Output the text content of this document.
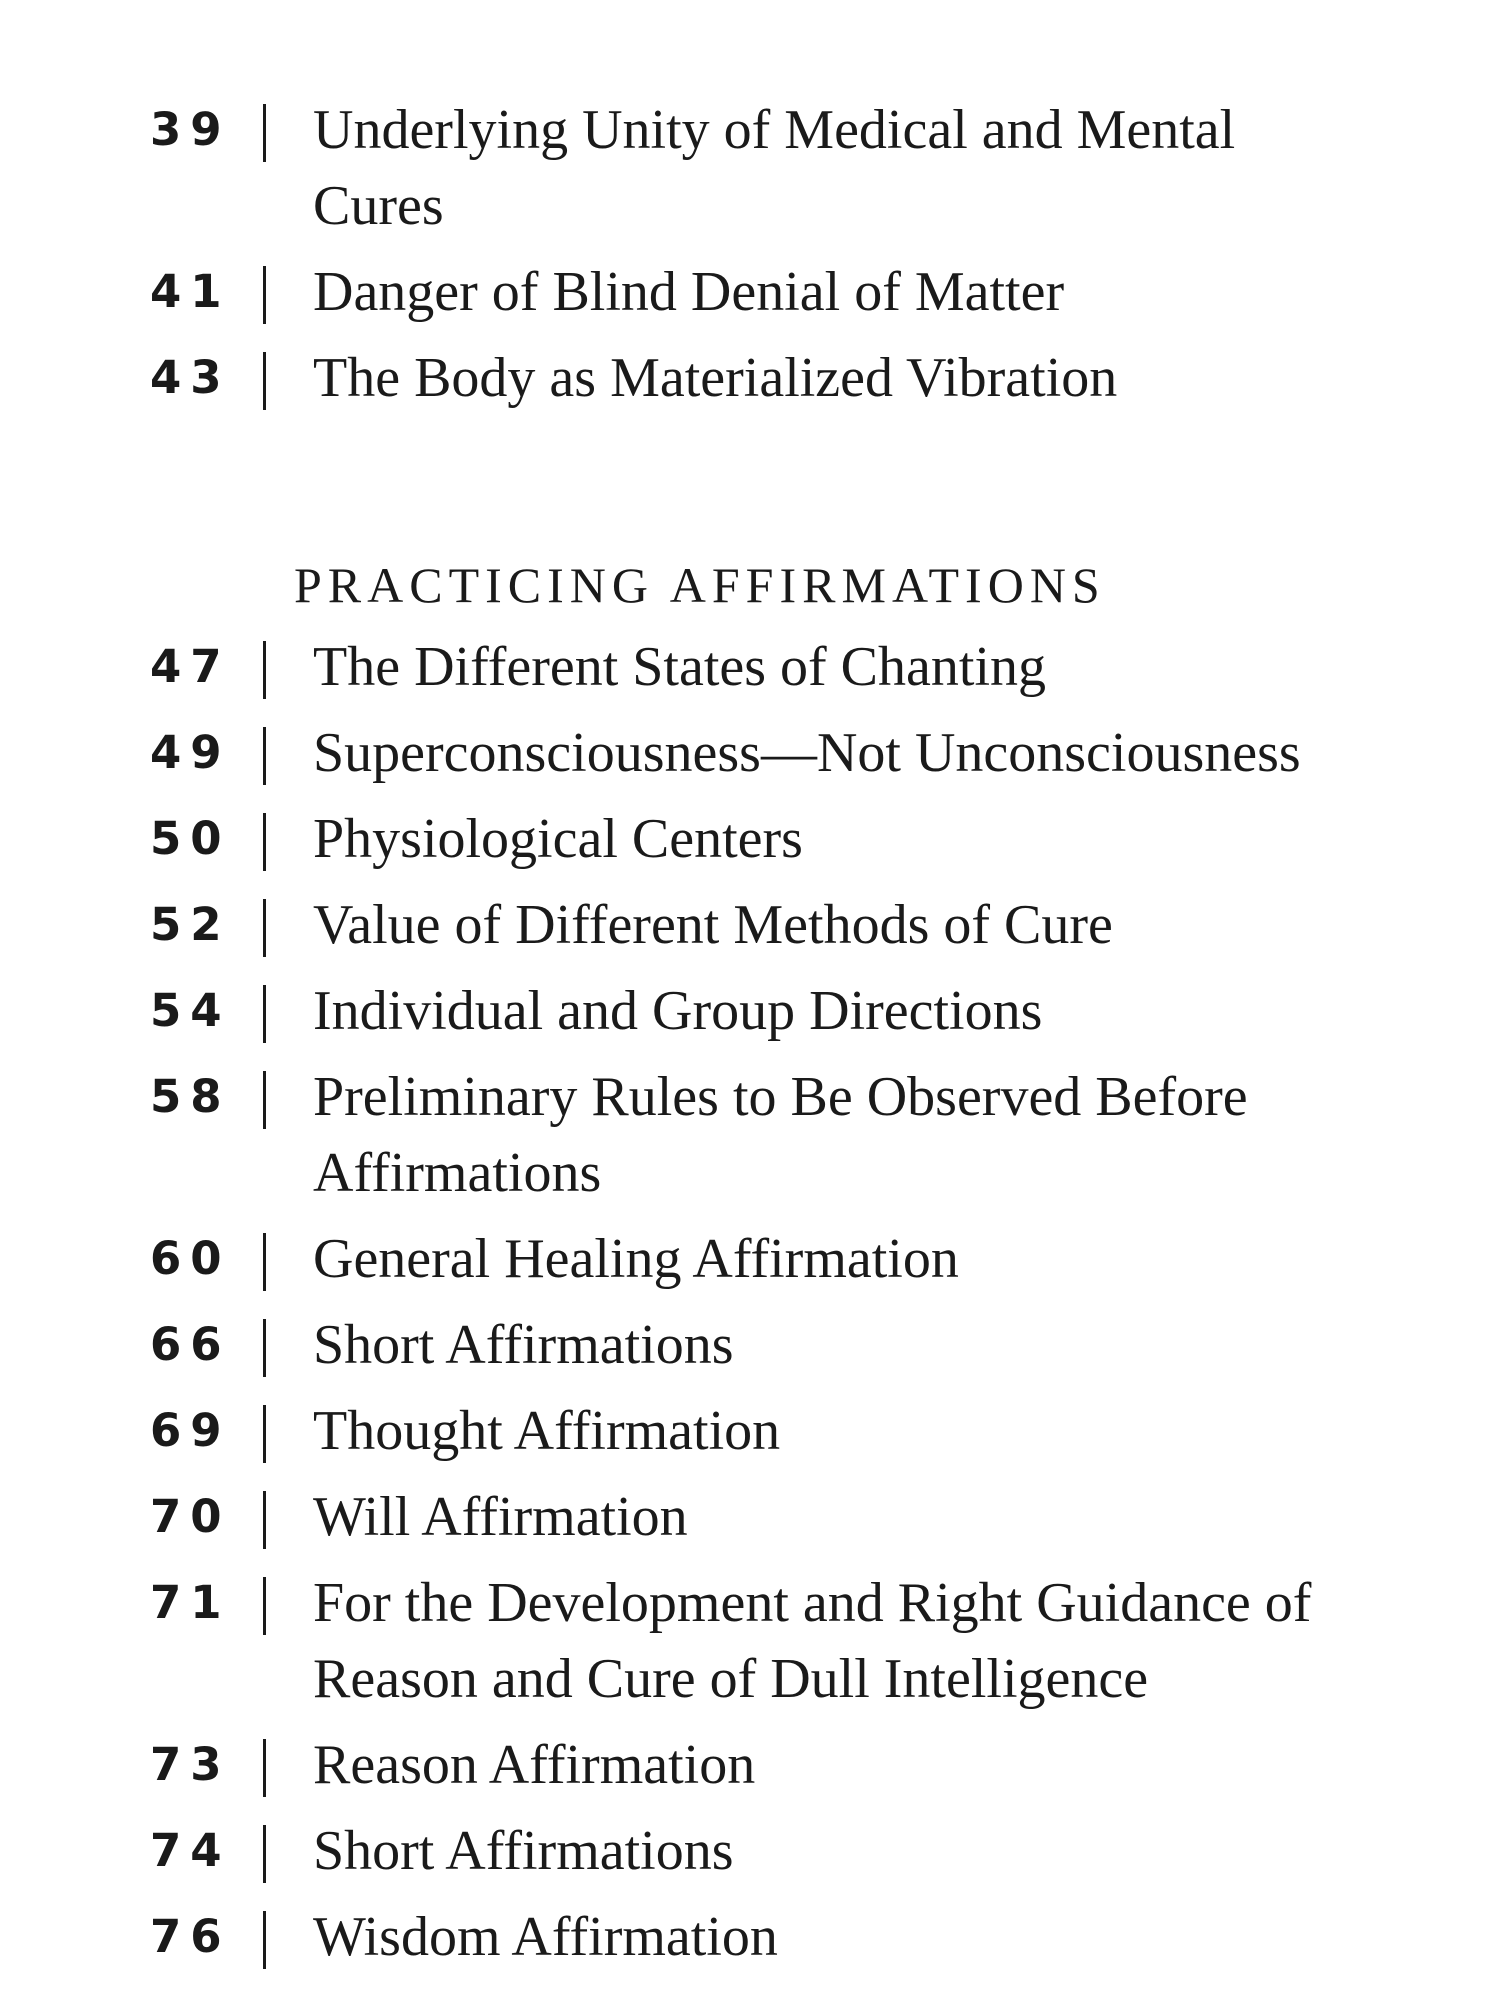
39	Underlying Unity of Medical and Mental Cures
41	Danger of Blind Denial of Matter
43	The Body as Materialized Vibration
PRACTICING AFFIRMATIONS
47	The Different States of Chanting
49	Superconsciousness—Not Unconsciousness
50	Physiological Centers
52	Value of Different Methods of Cure
54	Individual and Group Directions
58	Preliminary Rules to Be Observed Before Affirmations
60	General Healing Affirmation
66	Short Affirmations
69	Thought Affirmation
70	Will Affirmation
71	For the Development and Right Guidance of Reason and Cure of Dull Intelligence
73	Reason Affirmation
74	Short Affirmations
76	Wisdom Affirmation
